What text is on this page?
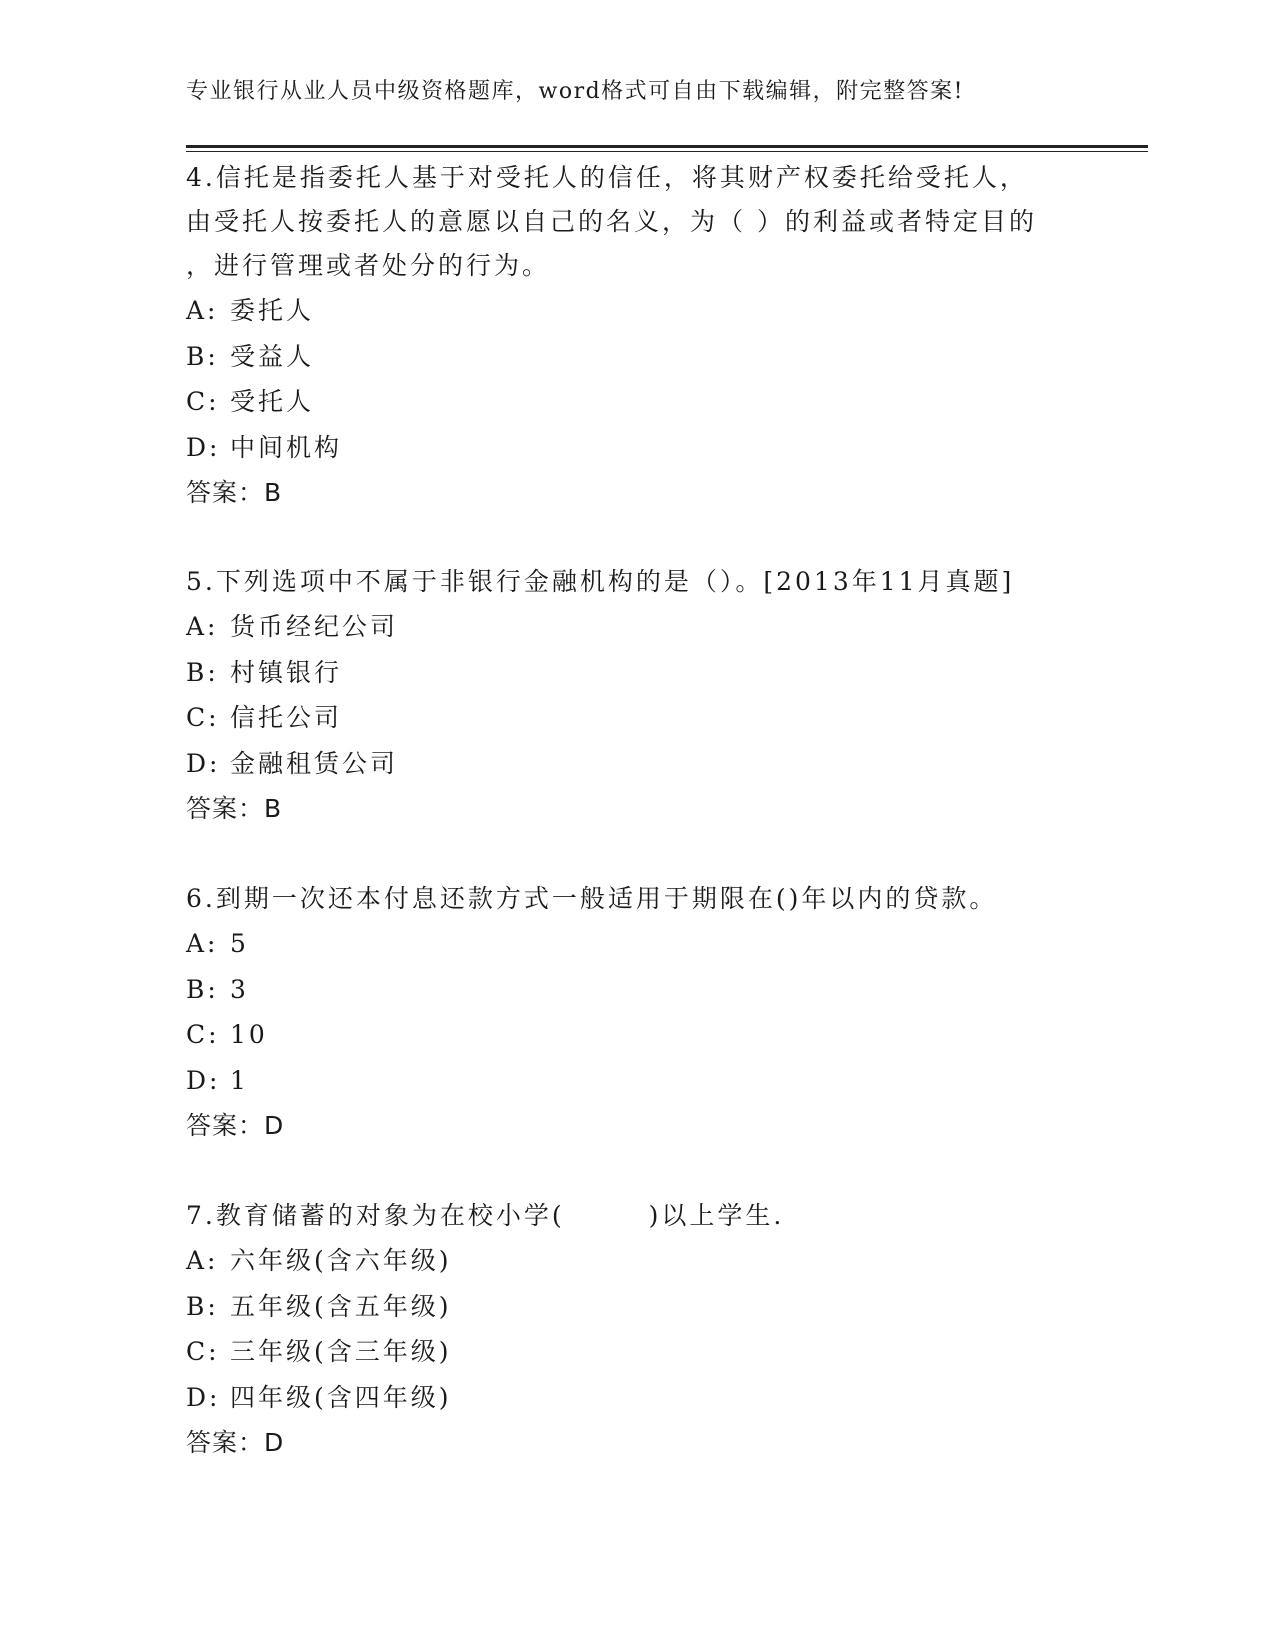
专业银行从业人员中级资格题库，word格式可自由下载编辑，附完整答案!
4.信托是指委托人基于对受托人的信任，将其财产权委托给受托人，
由受托人按委托人的意愿以自己的名义，为（ ）的利益或者特定目的
，进行管理或者处分的行为。
A: 委托人
B: 受益人
C: 受托人
D: 中间机构
答案：B
5.下列选项中不属于非银行金融机构的是（）。[2013年11月真题]
A: 货币经纪公司
B: 村镇银行
C: 信托公司
D: 金融租赁公司
答案：B
6.到期一次还本付息还款方式一般适用于期限在()年以内的贷款。
A: 5
B: 3
C: 10
D: 1
答案：D
7.教育储蓄的对象为在校小学(　　　)以上学生.
A: 六年级(含六年级)
B: 五年级(含五年级)
C: 三年级(含三年级)
D: 四年级(含四年级)
答案：D
